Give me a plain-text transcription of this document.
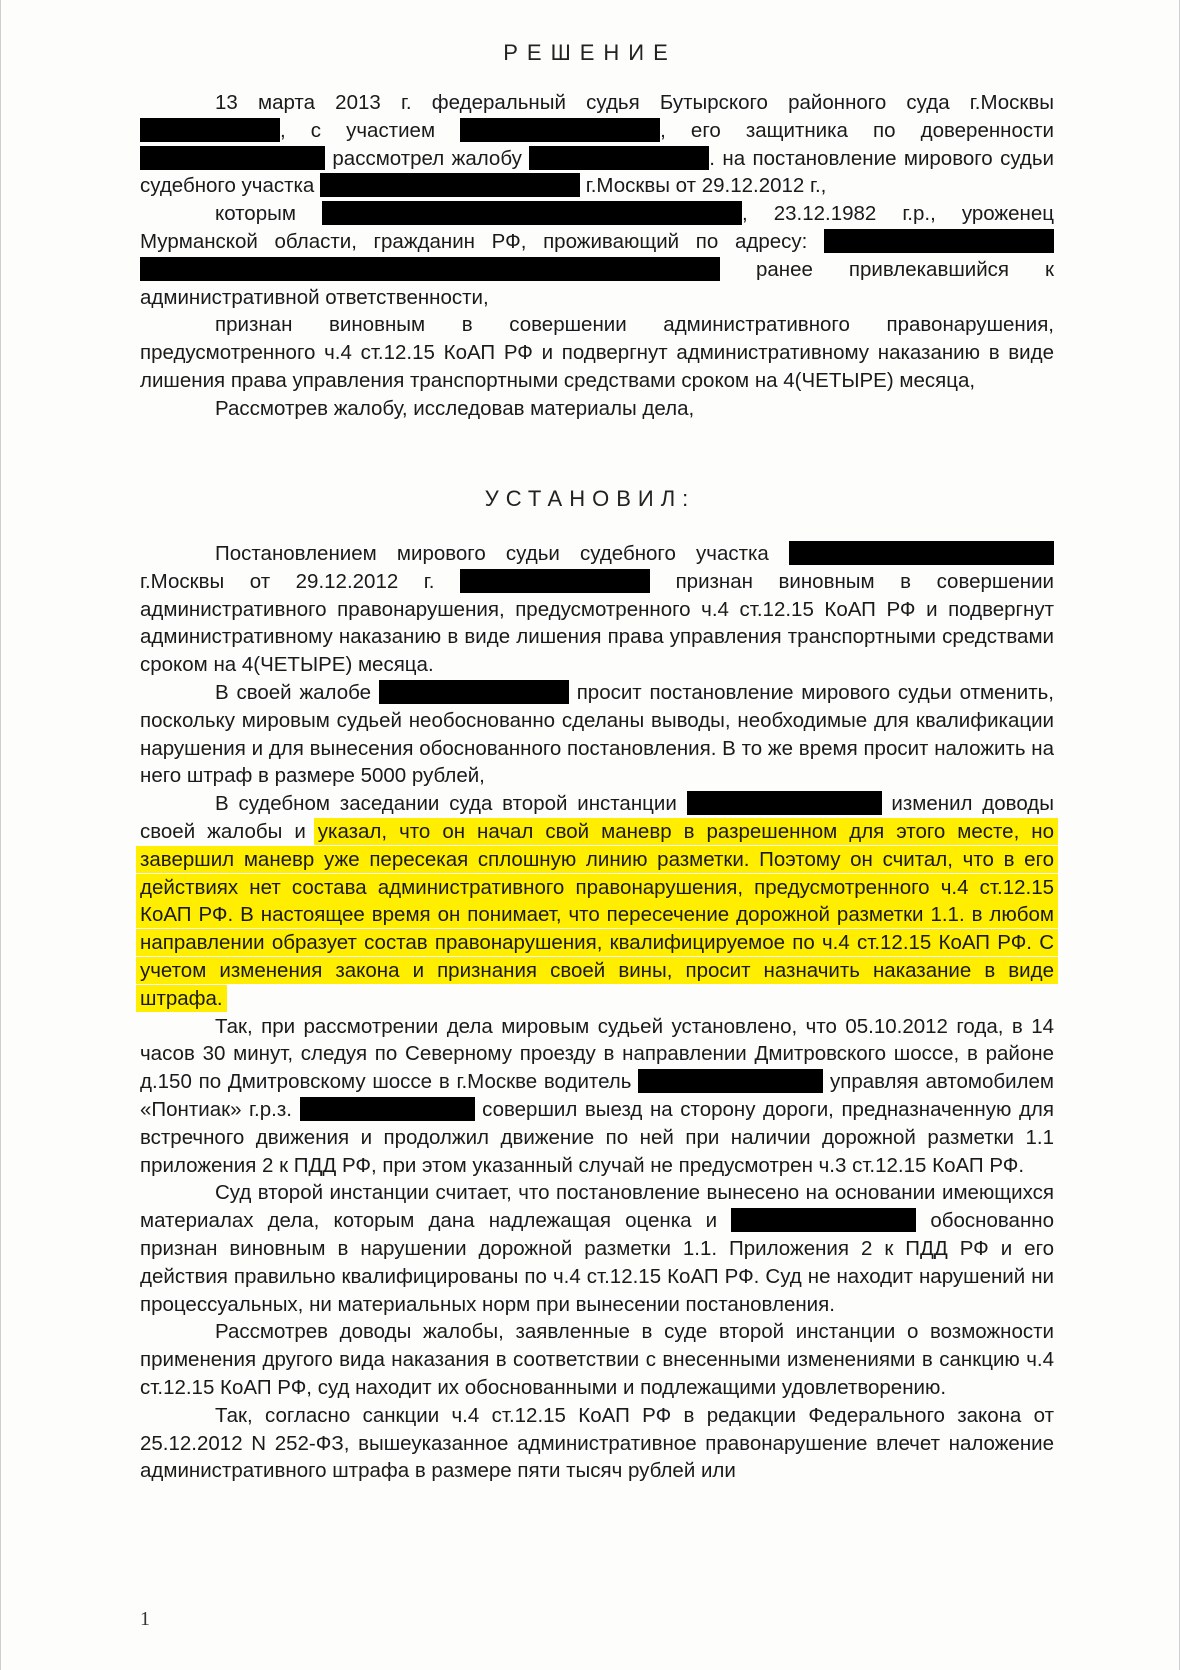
РЕШЕНИЕ

13 марта 2013 г. федеральный судья Бутырского районного суда г.Москвы , с участием	, его защитника по доверенности  рассмотрел жалобу	. на постановление мирового судьи судебного участка	г.Москвы от 29.12.2012 г.,

которым	, 23.12.1982 г.р., уроженец Мурманской области, гражданин РФ, проживающий по адресу:   ранее привлекавшийся к административной ответственности,

признан виновным в совершении административного правонарушения, предусмотренного ч.4 ст.12.15 КоАП РФ и подвергнут административному наказанию в виде лишения права управления транспортными средствами сроком на 4(ЧЕТЫРЕ) месяца,

Рассмотрев жалобу, исследовав материалы дела,

УСТАНОВИЛ:

Постановлением мирового судьи судебного участка  г.Москвы от 29.12.2012 г.	признан виновным в совершении административного правонарушения, предусмотренного ч.4 ст.12.15 КоАП РФ и подвергнут административному наказанию в виде лишения права управления транспортными средствами сроком на 4(ЧЕТЫРЕ) месяца.

В своей жалобе	просит постановление мирового судьи отменить, поскольку мировым судьей необоснованно сделаны выводы, необходимые для квалификации нарушения и для вынесения обоснованного постановления. В то же время просит наложить на него штраф в размере 5000 рублей,

В судебном заседании суда второй инстанции	изменил доводы своей жалобы и указал, что он начал свой маневр в разрешенном для этого месте, но завершил маневр уже пересекая сплошную линию разметки. Поэтому он считал, что в его действиях нет состава административного правонарушения, предусмотренного ч.4 ст.12.15 КоАП РФ. В настоящее время он понимает, что пересечение дорожной разметки 1.1. в любом направлении образует состав правонарушения, квалифицируемое по ч.4 ст.12.15 КоАП РФ. С учетом изменения закона и признания своей вины, просит назначить наказание в виде штрафа.

Так, при рассмотрении дела мировым судьей установлено, что 05.10.2012 года, в 14 часов 30 минут, следуя по Северному проезду в направлении Дмитровского шоссе, в районе д.150 по Дмитровскому шоссе в г.Москве водитель	управляя автомобилем «Понтиак» г.р.з.	совершил выезд на сторону дороги, предназначенную для встречного движения и продолжил движение по ней при наличии дорожной разметки 1.1 приложения 2 к ПДД РФ, при этом указанный случай не предусмотрен ч.3 ст.12.15 КоАП РФ.

Суд второй инстанции считает, что постановление вынесено на основании имеющихся материалах дела, которым дана надлежащая оценка и	обоснованно признан виновным в нарушении дорожной разметки 1.1. Приложения 2 к ПДД РФ и его действия правильно квалифицированы по ч.4 ст.12.15 КоАП РФ. Суд не находит нарушений ни процессуальных, ни материальных норм при вынесении постановления.

Рассмотрев доводы жалобы, заявленные в суде второй инстанции о возможности применения другого вида наказания в соответствии с внесенными изменениями в санкцию ч.4 ст.12.15 КоАП РФ, суд находит их обоснованными и подлежащими удовлетворению.

Так, согласно санкции ч.4 ст.12.15 КоАП РФ в редакции Федерального закона от 25.12.2012 N 252-ФЗ, вышеуказанное административное правонарушение влечет наложение административного штрафа в размере пяти тысяч рублей или

1
